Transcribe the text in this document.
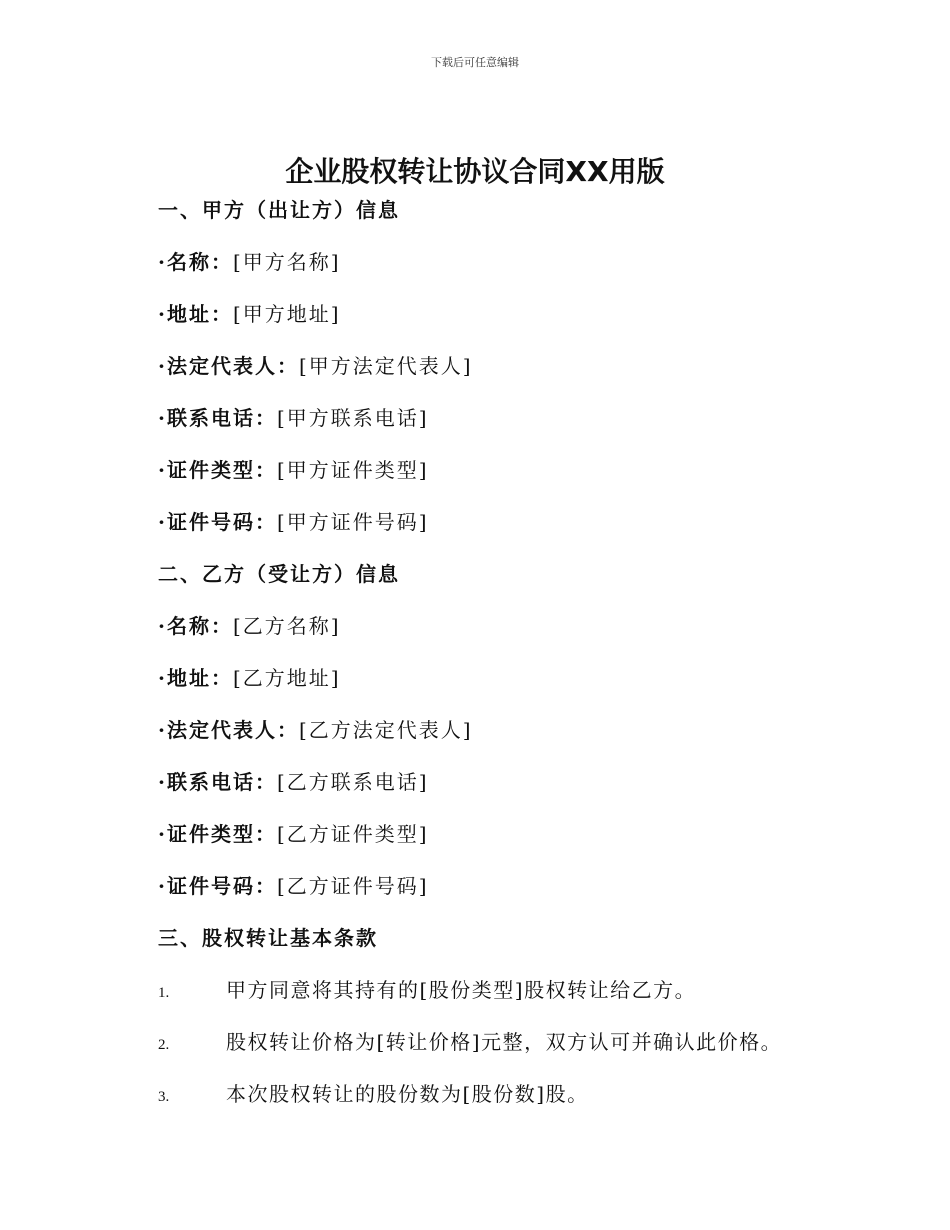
下载后可任意编辑
企业股权转让协议合同XX用版
一、甲方（出让方）信息
·名称：[甲方名称]
·地址：[甲方地址]
·法定代表人：[甲方法定代表人]
·联系电话：[甲方联系电话]
·证件类型：[甲方证件类型]
·证件号码：[甲方证件号码]
二、乙方（受让方）信息
·名称：[乙方名称]
·地址：[乙方地址]
·法定代表人：[乙方法定代表人]
·联系电话：[乙方联系电话]
·证件类型：[乙方证件类型]
·证件号码：[乙方证件号码]
三、股权转让基本条款
1.	甲方同意将其持有的[股份类型]股权转让给乙方。
2.	股权转让价格为[转让价格]元整，双方认可并确认此价格。
3.	本次股权转让的股份数为[股份数]股。
